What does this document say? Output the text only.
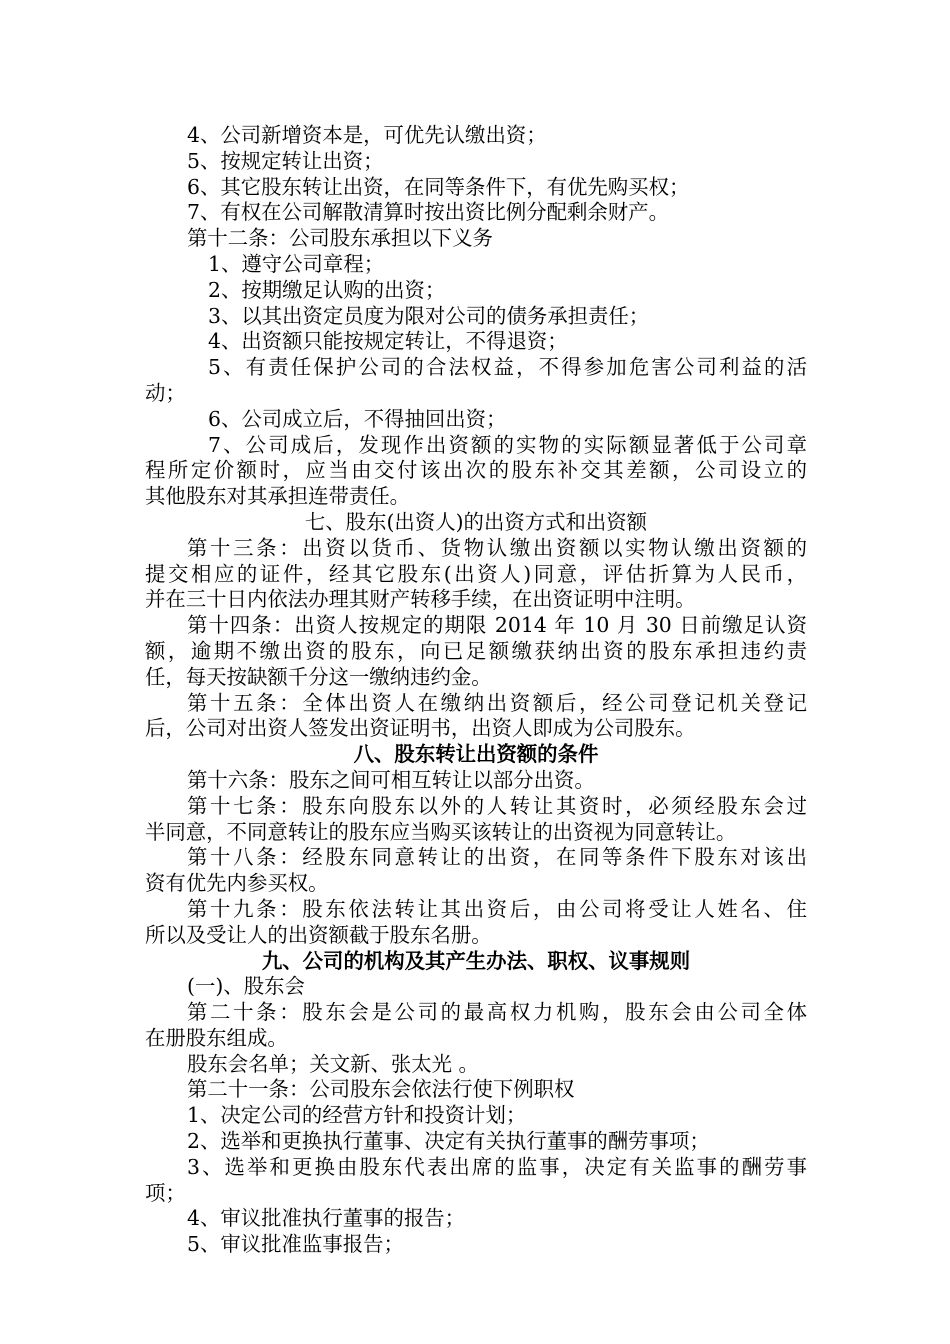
4、公司新增资本是，可优先认缴出资；
5、按规定转让出资；
6、其它股东转让出资，在同等条件下，有优先购买权；
7、有权在公司解散清算时按出资比例分配剩余财产。
第十二条：公司股东承担以下义务
1、遵守公司章程；
2、按期缴足认购的出资；
3、以其出资定员度为限对公司的债务承担责任；
4、出资额只能按规定转让，不得退资；
5、有责任保护公司的合法权益，不得参加危害公司利益的活
动；
6、公司成立后，不得抽回出资；
7、公司成后，发现作出资额的实物的实际额显著低于公司章
程所定价额时，应当由交付该出次的股东补交其差额，公司设立的
其他股东对其承担连带责任。
七、股东(出资人)的出资方式和出资额
第十三条：出资以货币、货物认缴出资额以实物认缴出资额的
提交相应的证件，经其它股东(出资人)同意，评估折算为人民币，
并在三十日内依法办理其财产转移手续，在出资证明中注明。
第十四条：出资人按规定的期限 2014 年 10 月 30 日前缴足认资
额，逾期不缴出资的股东，向已足额缴获纳出资的股东承担违约责
任，每天按缺额千分这一缴纳违约金。
第十五条：全体出资人在缴纳出资额后，经公司登记机关登记
后，公司对出资人签发出资证明书，出资人即成为公司股东。
八、股东转让出资额的条件
第十六条：股东之间可相互转让以部分出资。
第十七条：股东向股东以外的人转让其资时，必须经股东会过
半同意，不同意转让的股东应当购买该转让的出资视为同意转让。
第十八条：经股东同意转让的出资，在同等条件下股东对该出
资有优先内参买权。
第十九条：股东依法转让其出资后，由公司将受让人姓名、住
所以及受让人的出资额截于股东名册。
九、公司的机构及其产生办法、职权、议事规则
(一)、股东会
第二十条：股东会是公司的最高权力机购，股东会由公司全体
在册股东组成。
股东会名单；关文新、张太光 。
第二十一条：公司股东会依法行使下例职权
1、决定公司的经营方针和投资计划；
2、选举和更换执行董事、决定有关执行董事的酬劳事项；
3、选举和更换由股东代表出席的监事，决定有关监事的酬劳事
项；
4、审议批准执行董事的报告；
5、审议批准监事报告；
